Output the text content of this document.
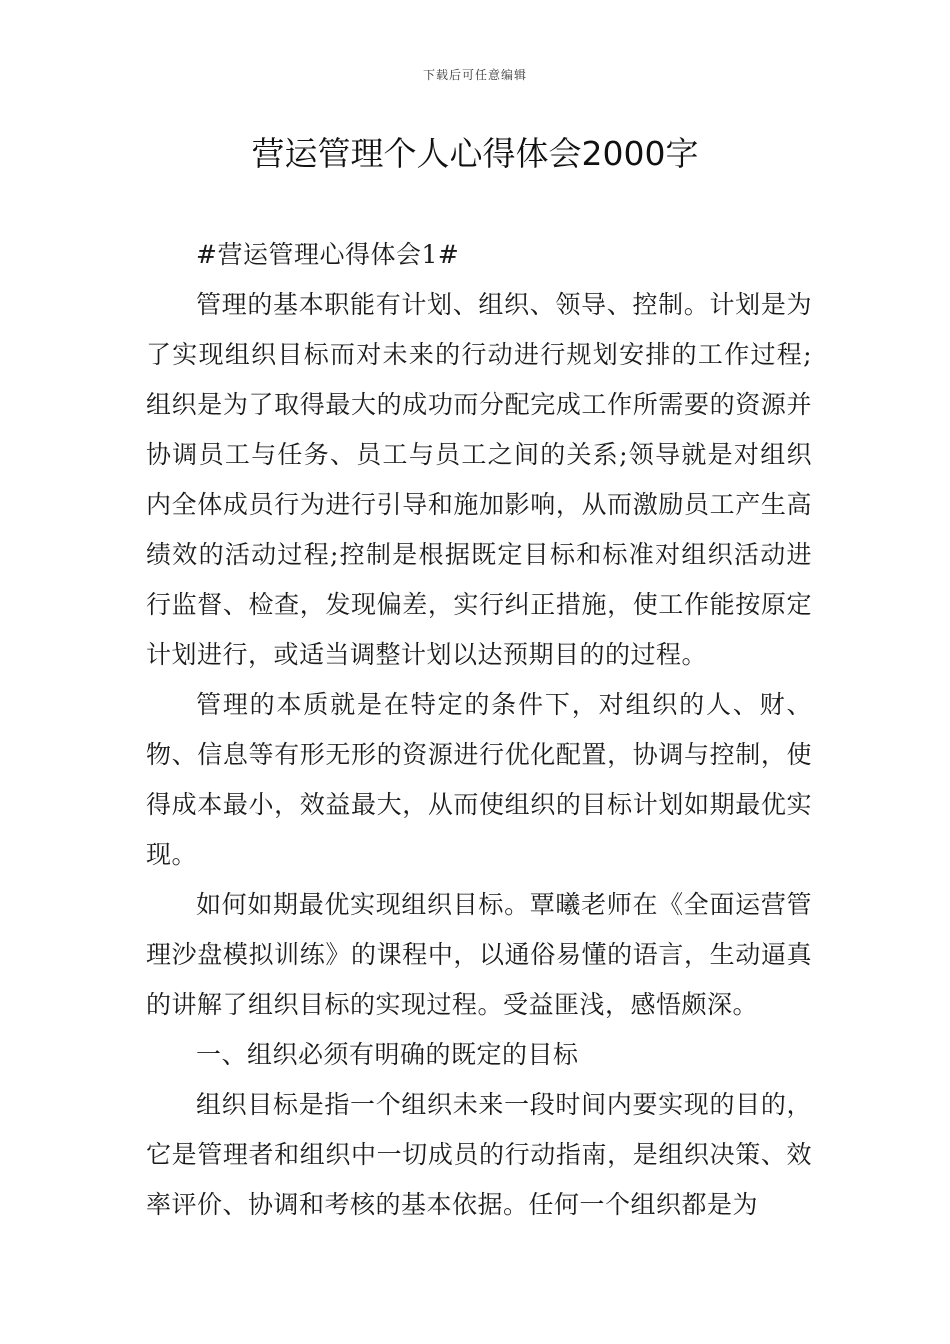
下载后可任意编辑
营运管理个人心得体会2000字

#营运管理心得体会1#

管理的基本职能有计划、组织、领导、控制。计划是为了实现组织目标而对未来的行动进行规划安排的工作过程;组织是为了取得最大的成功而分配完成工作所需要的资源并协调员工与任务、员工与员工之间的关系;领导就是对组织内全体成员行为进行引导和施加影响，从而激励员工产生高绩效的活动过程;控制是根据既定目标和标准对组织活动进行监督、检查，发现偏差，实行纠正措施，使工作能按原定计划进行，或适当调整计划以达预期目的的过程。

管理的本质就是在特定的条件下，对组织的人、财、物、信息等有形无形的资源进行优化配置，协调与控制，使得成本最小，效益最大，从而使组织的目标计划如期最优实现。

如何如期最优实现组织目标。覃曦老师在《全面运营管理沙盘模拟训练》的课程中，以通俗易懂的语言，生动逼真的讲解了组织目标的实现过程。受益匪浅，感悟颇深。

一、组织必须有明确的既定的目标

组织目标是指一个组织未来一段时间内要实现的目的，它是管理者和组织中一切成员的行动指南，是组织决策、效率评价、协调和考核的基本依据。任何一个组织都是为
